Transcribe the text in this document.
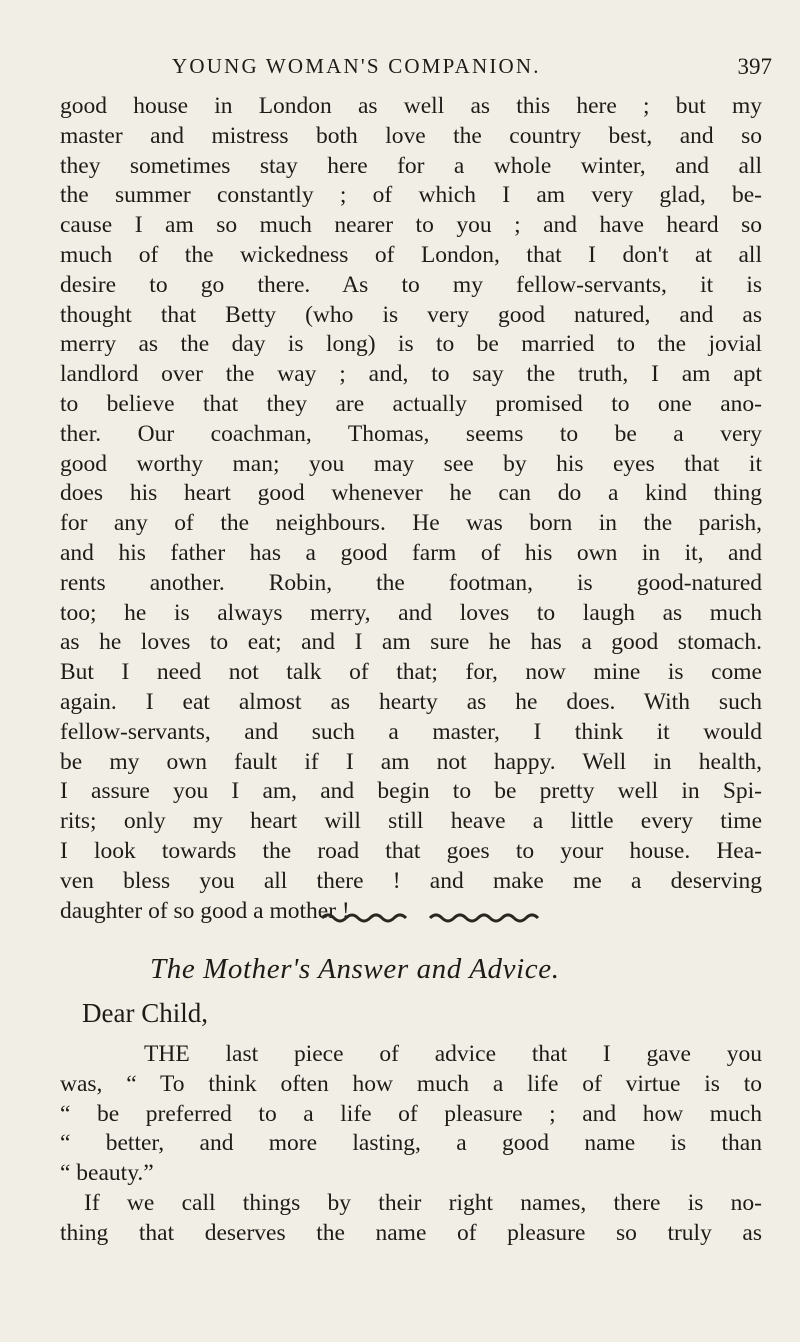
YOUNG WOMAN'S COMPANION.	397
good house in London as well as this here ; but my
master and mistress both love the country best, and so
they sometimes stay here for a whole winter, and all
the summer constantly ; of which I am very glad, be-
cause I am so much nearer to you ; and have heard so
much of the wickedness of London, that I don't at all
desire to go there. As to my fellow-servants, it is
thought that Betty (who is very good natured, and as
merry as the day is long) is to be married to the jovial
landlord over the way ; and, to say the truth, I am apt
to believe that they are actually promised to one ano-
ther. Our coachman, Thomas, seems to be a very
good worthy man; you may see by his eyes that it
does his heart good whenever he can do a kind thing
for any of the neighbours. He was born in the parish,
and his father has a good farm of his own in it, and
rents another. Robin, the footman, is good-natured
too; he is always merry, and loves to laugh as much
as he loves to eat; and I am sure he has a good stomach.
But I need not talk of that; for, now mine is come
again. I eat almost as hearty as he does. With such
fellow-servants, and such a master, I think it would
be my own fault if I am not happy. Well in health,
I assure you I am, and begin to be pretty well in Spi-
rits; only my heart will still heave a little every time
I look towards the road that goes to your house. Hea-
ven bless you all there ! and make me a deserving
daughter of so good a mother !
The Mother's Answer and Advice.
Dear Child,
THE last piece of advice that I gave you
was, “ To think often how much a life of virtue is to
“ be preferred to a life of pleasure ; and how much
“ better, and more lasting, a good name is than
“ beauty.”
If we call things by their right names, there is no-
thing that deserves the name of pleasure so truly as
